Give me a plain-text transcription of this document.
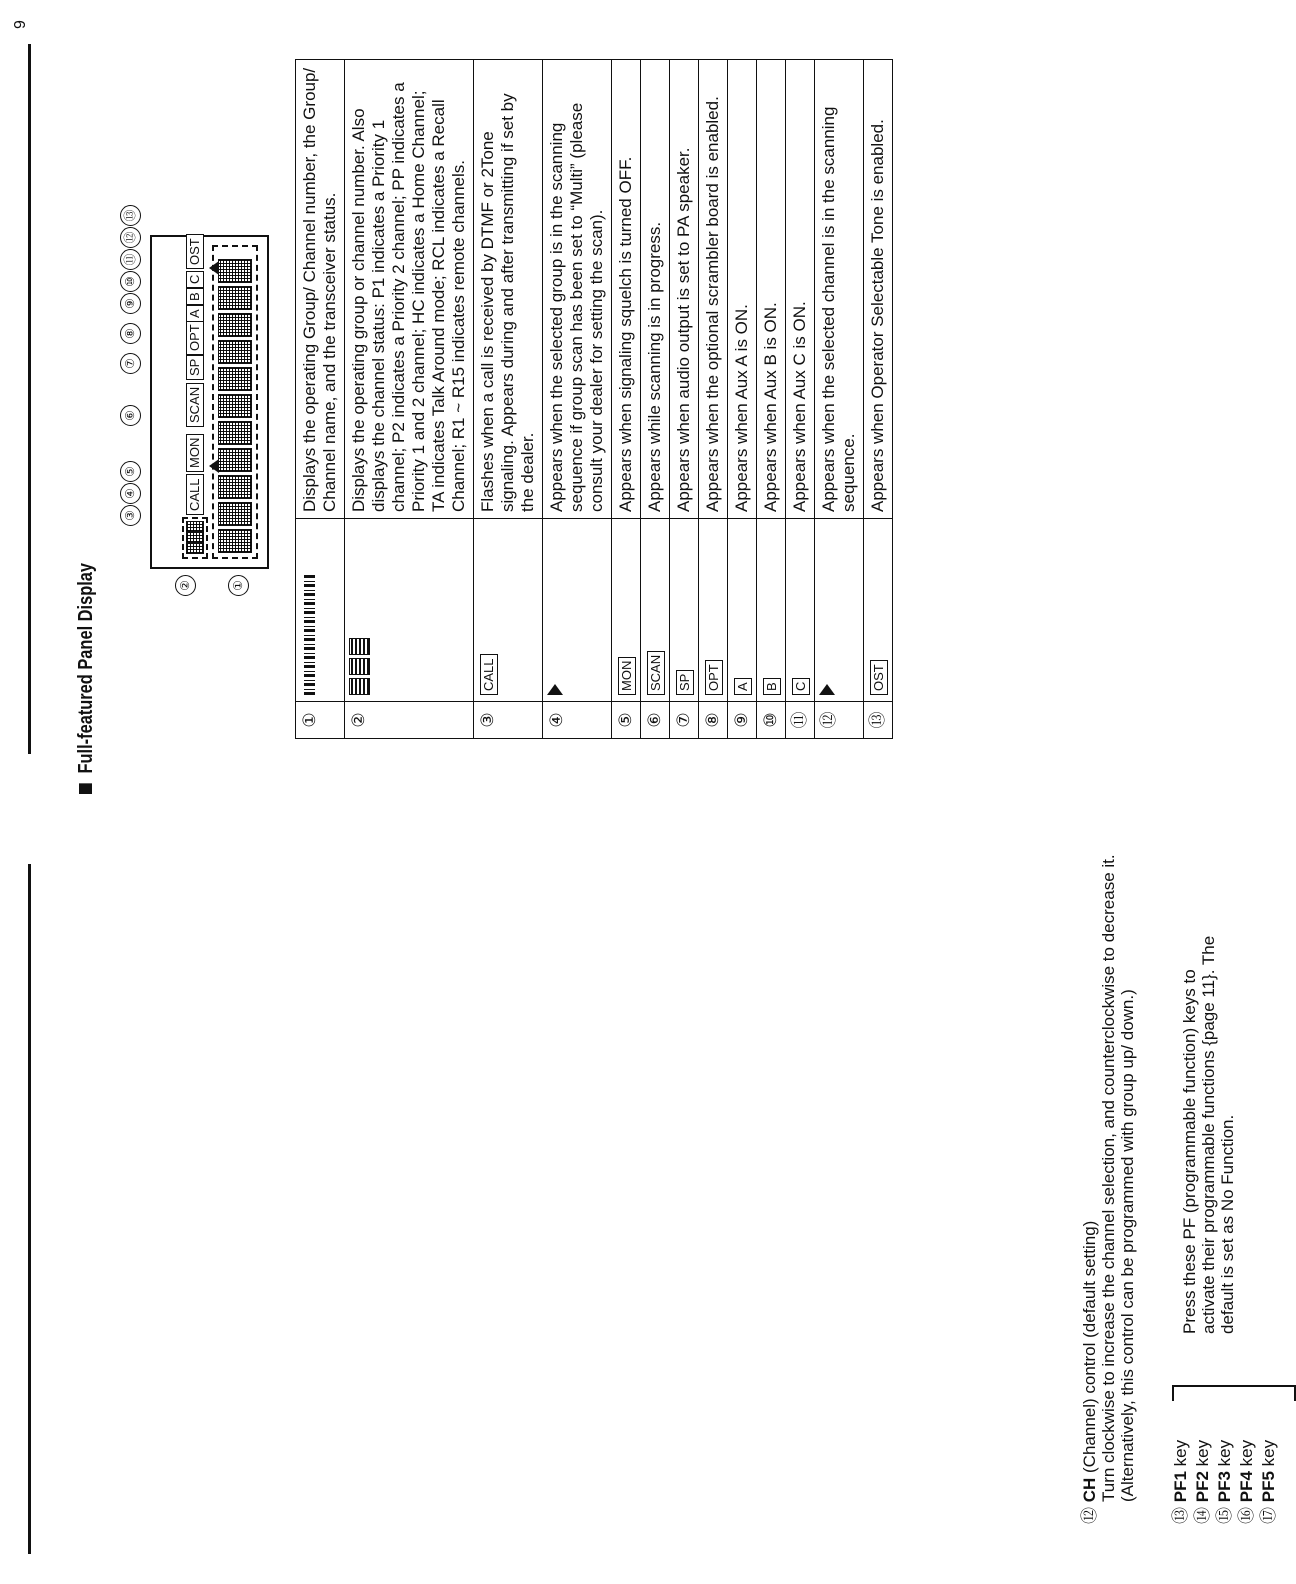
⑫ CH (Channel) control (default setting) Turn clockwise to increase the channel selection, and counterclockwise to decrease it. (Alternatively, this control can be programmed with group up/ down.)
⑬ PF1 key
⑭ PF2 key
⑮ PF3 key
⑯ PF4 key
⑰ PF5 key
Press these PF (programmable function) keys to activate their programmable functions {page 11}. The default is set as No Function.
Full-featured Panel Display
CALL
MON
SCAN
SP
OPT
A
B
C
OST
①
②
③
④
⑤
⑥
⑦
⑧
⑨
⑩
⑪
⑫
⑬
①		Displays the operating Group/ Channel number, the Group/ Channel name, and the transceiver status.
②		Displays the operating group or channel number. Also displays the channel status: P1 indicates a Priority 1 channel; P2 indicates a Priority 2 channel; PP indicates a Priority 1 and 2 channel; HC indicates a Home Channel; TA indicates Talk Around mode; RCL indicates a Recall Channel; R1 ~ R15 indicates remote channels.
③	CALL	Flashes when a call is received by DTMF or 2Tone signaling. Appears during and after transmitting if set by the dealer.
④		Appears when the selected group is in the scanning sequence if group scan has been set to “Multi” (please consult your dealer for setting the scan).
⑤	MON	Appears when signaling squelch is turned OFF.
⑥	SCAN	Appears while scanning is in progress.
⑦	SP	Appears when audio output is set to PA speaker.
⑧	OPT	Appears when the optional scrambler board is enabled.
⑨	A	Appears when Aux A is ON.
⑩	B	Appears when Aux B is ON.
⑪	C	Appears when Aux C is ON.
⑫		Appears when the selected channel is in the scanning sequence.
⑬	OST	Appears when Operator Selectable Tone is enabled.
9
